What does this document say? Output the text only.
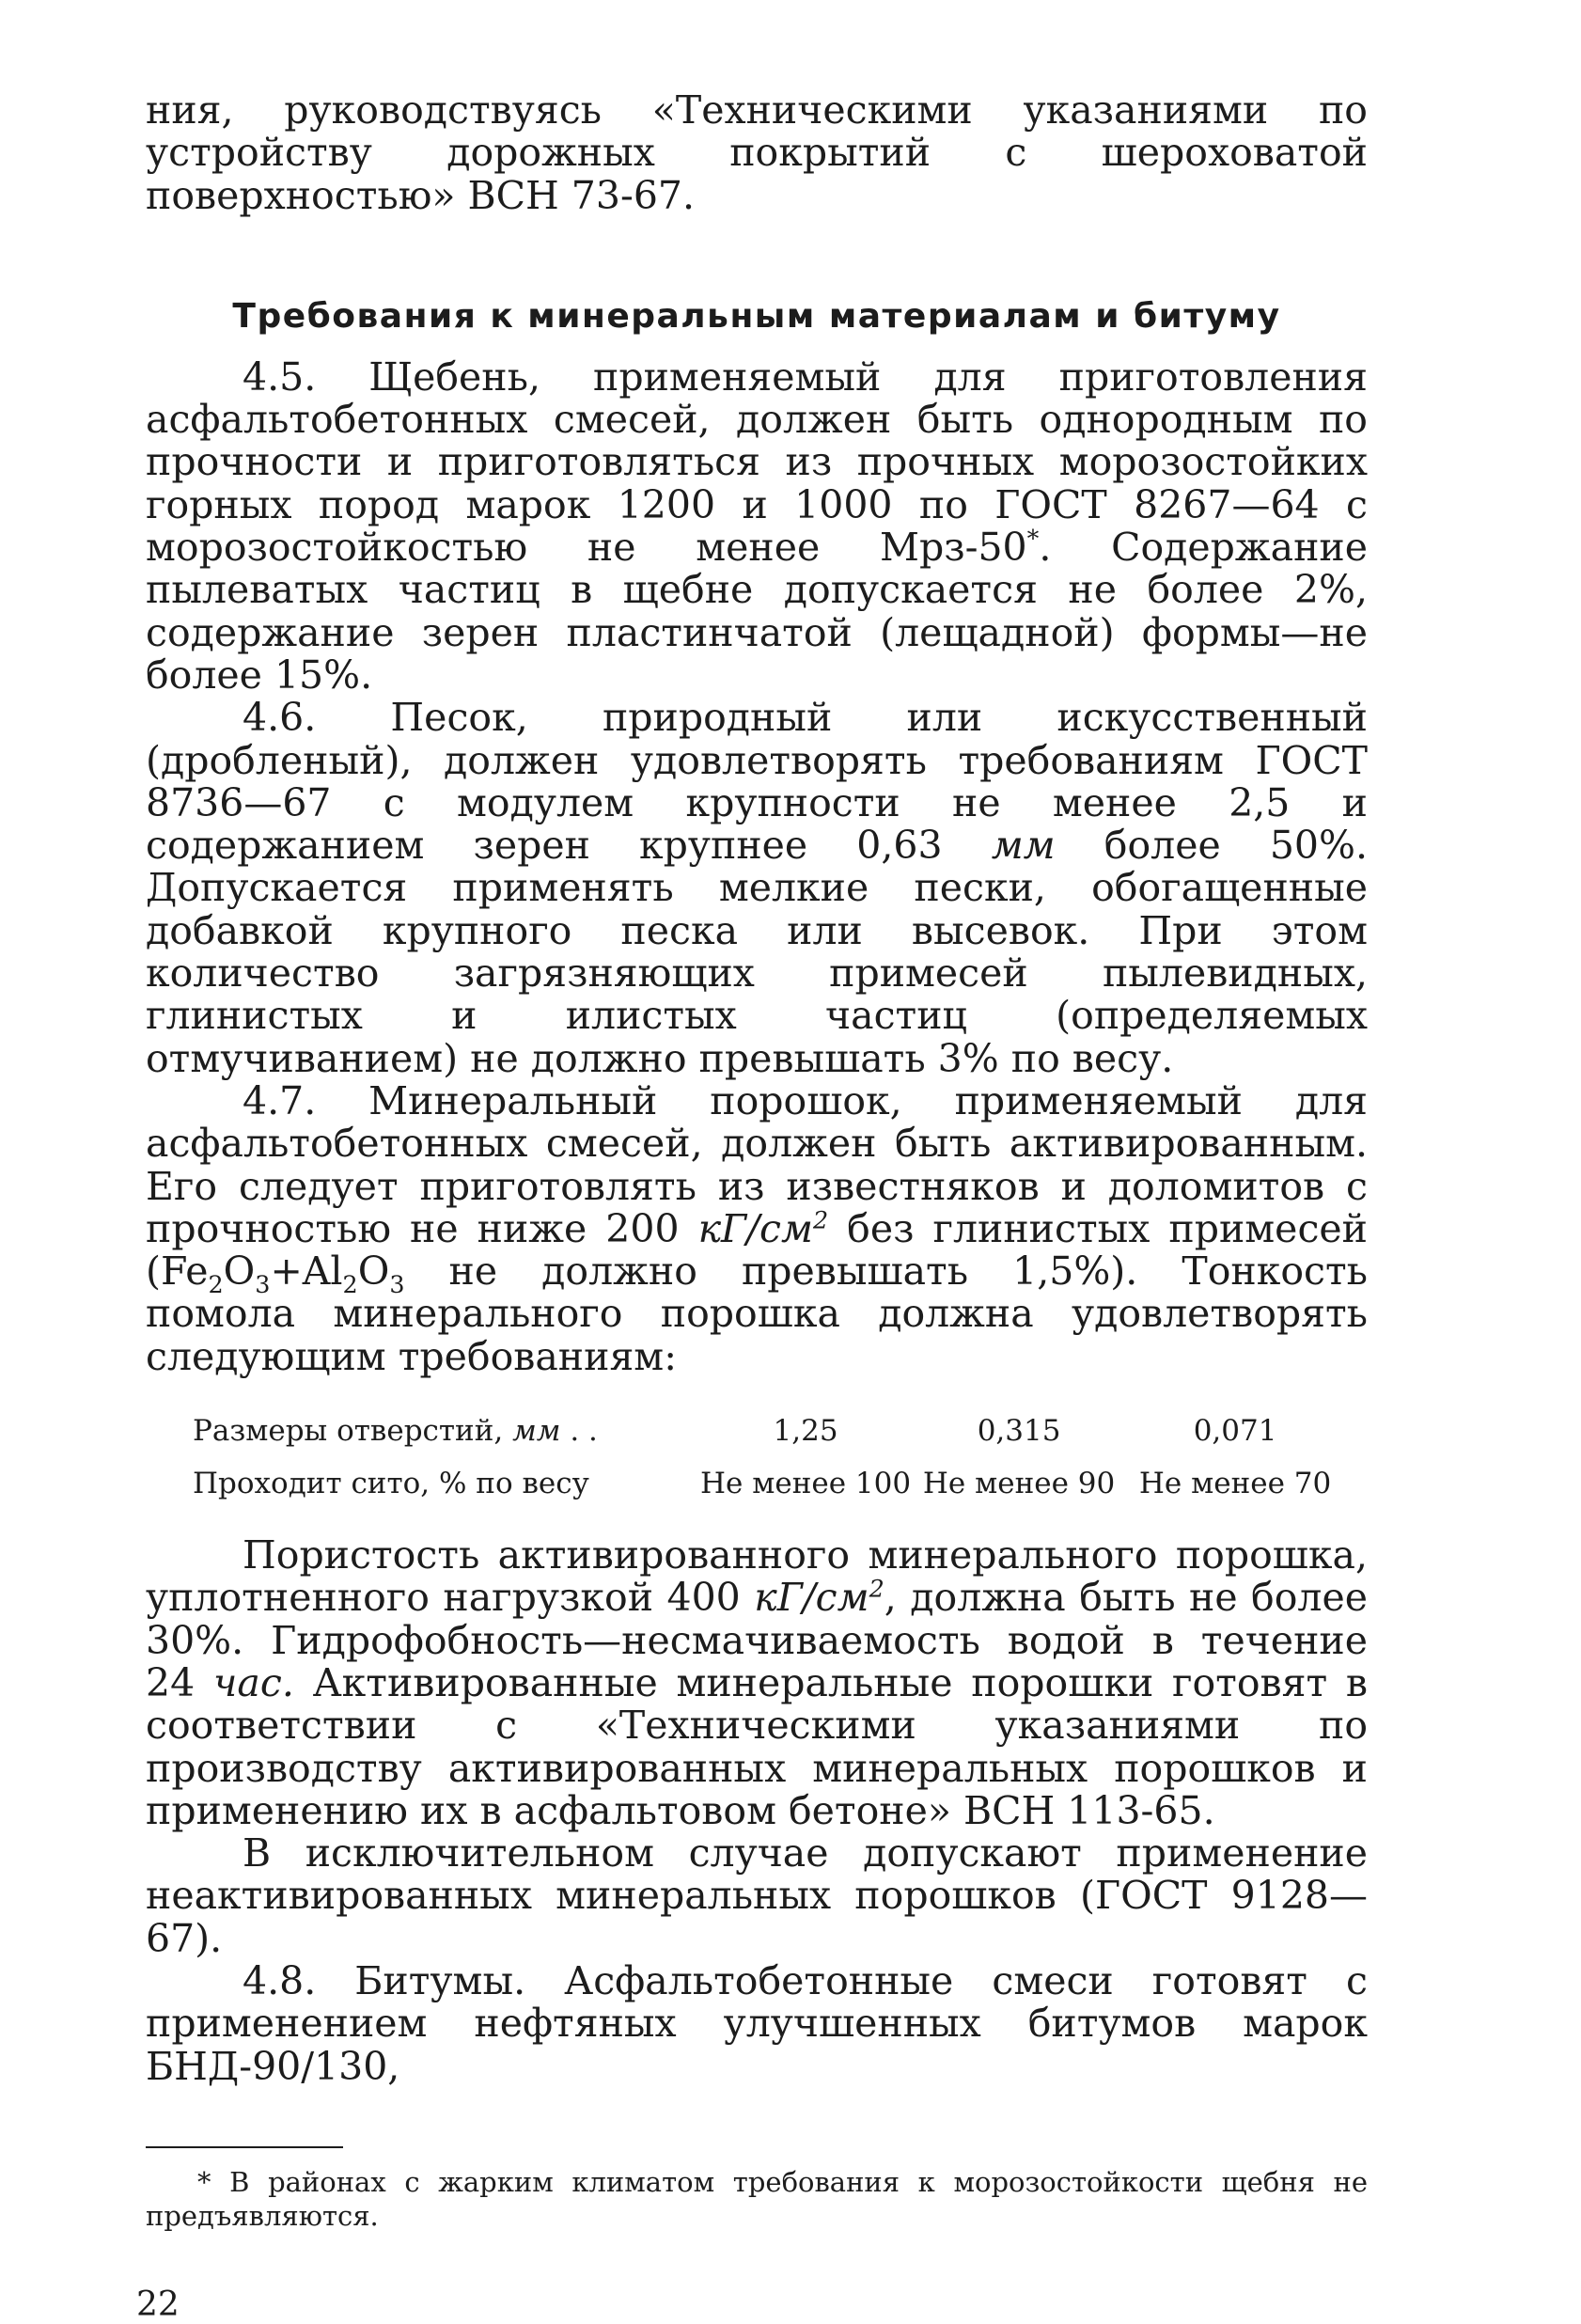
ния, руководствуясь «Техническими указаниями по устройству дорожных покрытий с шероховатой поверхностью» ВСН 73-67.

Требования к минеральным материалам и битуму

4.5. Щебень, применяемый для приготовления асфальтобетонных смесей, должен быть однородным по прочности и приготовляться из прочных морозостойких горных пород марок 1200 и 1000 по ГОСТ 8267—64 с морозостойкостью не менее Мрз-50*. Содержание пылеватых частиц в щебне допускается не более 2%, содержание зерен пластинчатой (лещадной) формы—не более 15%.

4.6. Песок, природный или искусственный (дробленый), должен удовлетворять требованиям ГОСТ 8736—67 с модулем крупности не менее 2,5 и содержанием зерен крупнее 0,63 мм более 50%. Допускается применять мелкие пески, обогащенные добавкой крупного песка или высевок. При этом количество загрязняющих примесей пылевидных, глинистых и илистых частиц (определяемых отмучиванием) не должно превышать 3% по весу.

4.7. Минеральный порошок, применяемый для асфальтобетонных смесей, должен быть активированным. Его следует приготовлять из известняков и доломитов с прочностью не ниже 200 $кГ/см^2$ без глинистых примесей ($Fe_2O_3+Al_2O_3$ не должно превышать 1,5%). Тонкость помола минерального порошка должна удовлетворять следующим требованиям:

Размеры отверстий, мм . .	1,25	0,315	0,071
Проходит сито, % по весу	Не менее 100	Не менее 90	Не менее 70

Пористость активированного минерального порошка, уплотненного нагрузкой 400 $кГ/см^2$, должна быть не более 30%. Гидрофобность—несмачиваемость водой в течение 24 час. Активированные минеральные порошки готовят в соответствии с «Техническими указаниями по производству активированных минеральных порошков и применению их в асфальтовом бетоне» ВСН 113-65.

В исключительном случае допускают применение неактивированных минеральных порошков (ГОСТ 9128—67).

4.8. Битумы. Асфальтобетонные смеси готовят с применением нефтяных улучшенных битумов марок БНД-90/130,

* В районах с жарким климатом требования к морозостойкости щебня не предъявляются.

22
